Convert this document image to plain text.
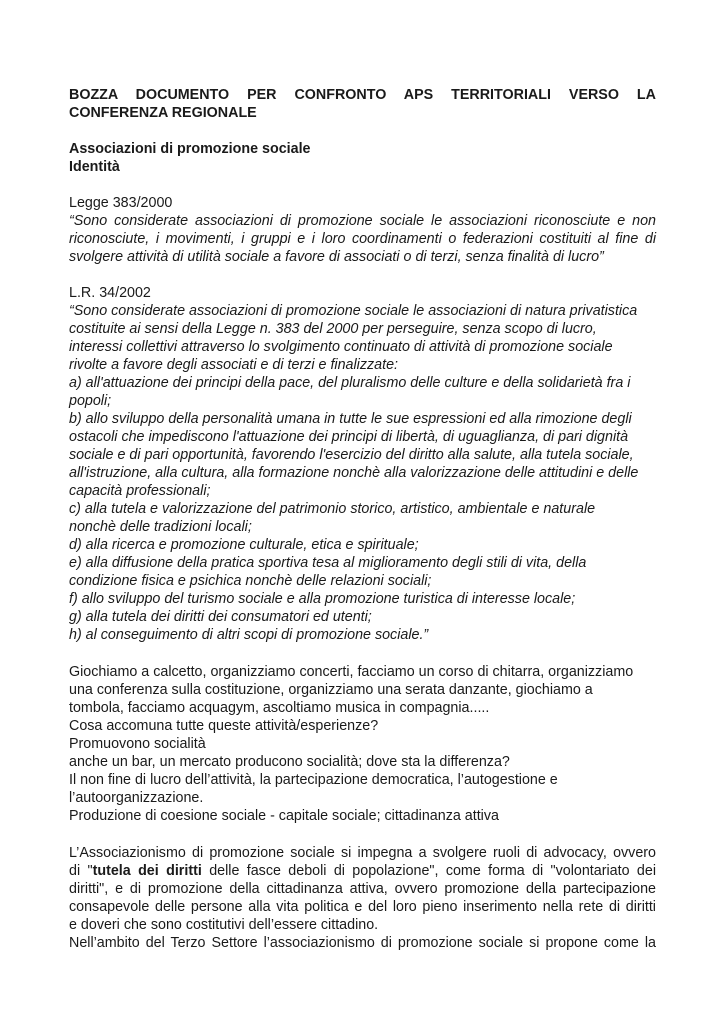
BOZZA DOCUMENTO PER CONFRONTO APS TERRITORIALI VERSO LA
CONFERENZA REGIONALE

Associazioni di promozione sociale

Identità

Legge 383/2000

“Sono considerate associazioni di promozione sociale le associazioni riconosciute e non
riconosciute, i movimenti, i gruppi e i loro coordinamenti o federazioni costituiti al fine di
svolgere attività di utilità sociale a favore di associati o di terzi, senza finalità di lucro”

L.R. 34/2002

“Sono considerate associazioni di promozione sociale le associazioni di natura privatistica
costituite ai sensi della Legge n. 383 del 2000 per perseguire, senza scopo di lucro,
interessi collettivi attraverso lo svolgimento continuato di attività di promozione sociale
rivolte a favore degli associati e di terzi e finalizzate:
a) all'attuazione dei principi della pace, del pluralismo delle culture e della solidarietà fra i
popoli;
b) allo sviluppo della personalità umana in tutte le sue espressioni ed alla rimozione degli
ostacoli che impediscono l'attuazione dei principi di libertà, di uguaglianza, di pari dignità
sociale e di pari opportunità, favorendo l'esercizio del diritto alla salute, alla tutela sociale,
all'istruzione, alla cultura, alla formazione nonchè alla valorizzazione delle attitudini e delle
capacità professionali;
c) alla tutela e valorizzazione del patrimonio storico, artistico, ambientale e naturale
nonchè delle tradizioni locali;
d) alla ricerca e promozione culturale, etica e spirituale;
e) alla diffusione della pratica sportiva tesa al miglioramento degli stili di vita, della
condizione fisica e psichica nonchè delle relazioni sociali;
f) allo sviluppo del turismo sociale e alla promozione turistica di interesse locale;
g) alla tutela dei diritti dei consumatori ed utenti;
h) al conseguimento di altri scopi di promozione sociale.”
Giochiamo a calcetto, organizziamo concerti, facciamo un corso di chitarra, organizziamo
una conferenza sulla costituzione, organizziamo una serata danzante, giochiamo a
tombola, facciamo acquagym, ascoltiamo musica in compagnia.....
Cosa accomuna tutte queste attività/esperienze?
Promuovono socialità
anche un bar, un mercato producono socialità; dove sta la differenza?
Il non fine di lucro dell’attività, la partecipazione democratica, l’autogestione e
l’autoorganizzazione.
Produzione di coesione sociale - capitale sociale; cittadinanza attiva
L’Associazionismo di promozione sociale si impegna a svolgere ruoli di advocacy, ovvero
di "tutela dei diritti delle fasce deboli di popolazione", come forma di "volontariato dei
diritti", e di promozione della cittadinanza attiva, ovvero promozione della partecipazione
consapevole delle persone alla vita politica e del loro pieno inserimento nella rete di diritti
e doveri che sono costitutivi dell’essere cittadino.
Nell’ambito del Terzo Settore l’associazionismo di promozione sociale si propone come la
